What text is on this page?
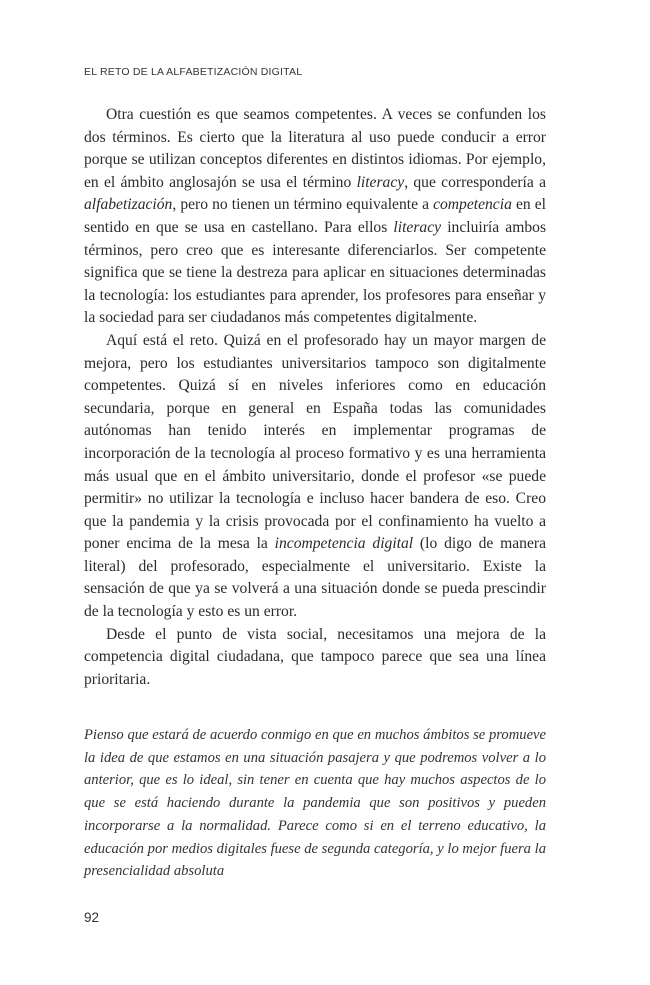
EL RETO DE LA ALFABETIZACIÓN DIGITAL

Otra cuestión es que seamos competentes. A veces se confunden los dos términos. Es cierto que la literatura al uso puede conducir a error porque se utilizan conceptos diferentes en distintos idiomas. Por ejemplo, en el ámbito anglosajón se usa el término literacy, que correspondería a alfabetización, pero no tienen un término equivalente a competencia en el sentido en que se usa en castellano. Para ellos literacy incluiría ambos términos, pero creo que es interesante diferenciarlos. Ser competente significa que se tiene la destreza para aplicar en situaciones determinadas la tecnología: los estudiantes para aprender, los profesores para enseñar y la sociedad para ser ciudadanos más competentes digitalmente.

Aquí está el reto. Quizá en el profesorado hay un mayor margen de mejora, pero los estudiantes universitarios tampoco son digitalmente competentes. Quizá sí en niveles inferiores como en educación secundaria, porque en general en España todas las comunidades autónomas han tenido interés en implementar programas de incorporación de la tecnología al proceso formativo y es una herramienta más usual que en el ámbito universitario, donde el profesor «se puede permitir» no utilizar la tecnología e incluso hacer bandera de eso. Creo que la pandemia y la crisis provocada por el confinamiento ha vuelto a poner encima de la mesa la incompetencia digital (lo digo de manera literal) del profesorado, especialmente el universitario. Existe la sensación de que ya se volverá a una situación donde se pueda prescindir de la tecnología y esto es un error.

Desde el punto de vista social, necesitamos una mejora de la competencia digital ciudadana, que tampoco parece que sea una línea prioritaria.

Pienso que estará de acuerdo conmigo en que en muchos ámbitos se promueve la idea de que estamos en una situación pasajera y que podremos volver a lo anterior, que es lo ideal, sin tener en cuenta que hay muchos aspectos de lo que se está haciendo durante la pandemia que son positivos y pueden incorporarse a la normalidad. Parece como si en el terreno educativo, la educación por medios digitales fuese de segunda categoría, y lo mejor fuera la presencialidad absoluta

92
